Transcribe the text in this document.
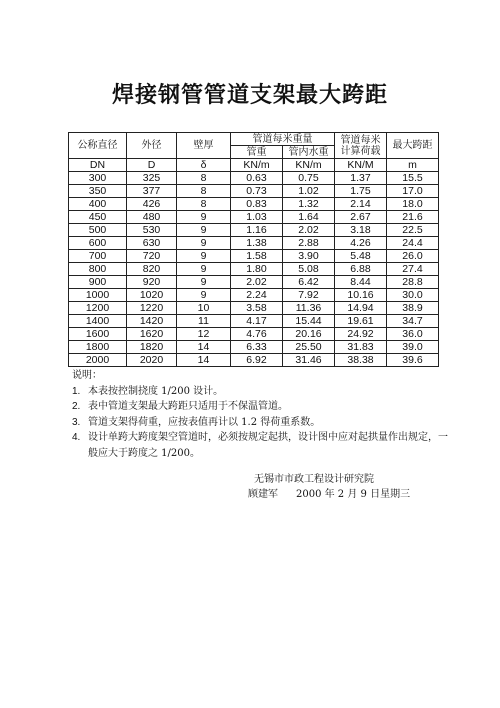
焊接钢管管道支架最大跨距
公称直径	外径	壁厚	管道每米重量		管道每米
计算荷载	最大跨距
			管重	管内水重		
DN	D	δ	KN/m	KN/m	KN/M	m
300	325	8	0.63	0.75	1.37	15.5
350	377	8	0.73	1.02	1.75	17.0
400	426	8	0.83	1.32	2.14	18.0
450	480	9	1.03	1.64	2.67	21.6
500	530	9	1.16	2.02	3.18	22.5
600	630	9	1.38	2.88	4.26	24.4
700	720	9	1.58	3.90	5.48	26.0
800	820	9	1.80	5.08	6.88	27.4
900	920	9	2.02	6.42	8.44	28.8
1000	1020	9	2.24	7.92	10.16	30.0
1200	1220	10	3.58	11.36	14.94	38.9
1400	1420	11	4.17	15.44	19.61	34.7
1600	1620	12	4.76	20.16	24.92	36.0
1800	1820	14	6.33	25.50	31.83	39.0
2000	2020	14	6.92	31.46	38.38	39.6
说明：
1. 本表按控制挠度 1/200 设计。
2. 表中管道支架最大跨距只适用于不保温管道。
3. 管道支架得荷重，应按表值再计以 1.2 得荷重系数。
4. 设计单跨大跨度架空管道时，必须按规定起拱，设计图中应对起拱量作出规定，一般应大于跨度之 1/200。
无锡市市政工程设计研究院
顾建军 2000 年 2 月 9 日星期三
